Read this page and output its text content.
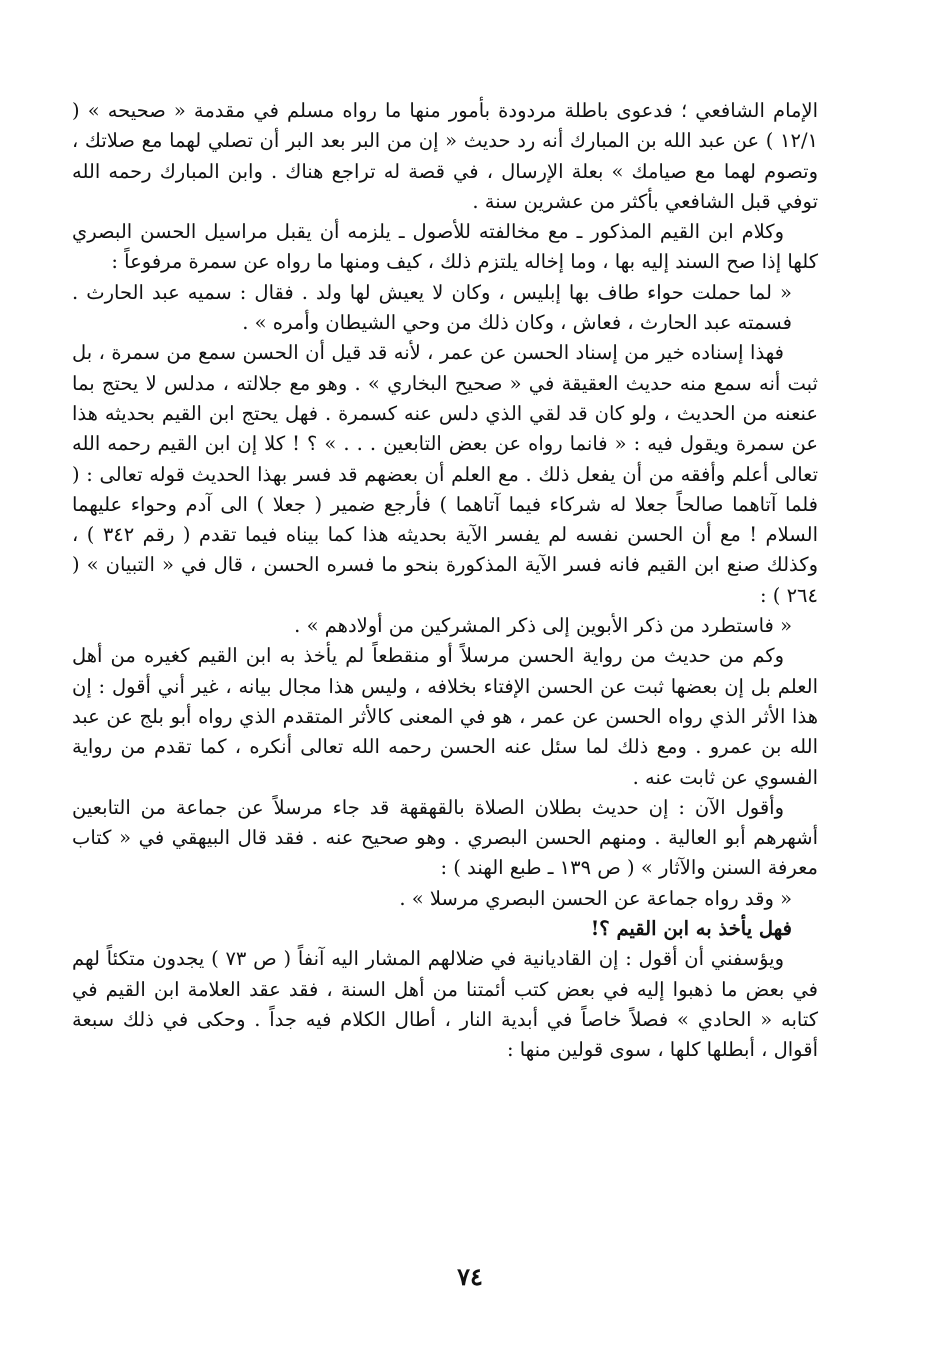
الإمام الشافعي ؛ فدعوى باطلة مردودة بأمور منها ما رواه مسلم في مقدمة « صحيحه » ( ١٢/١ ) عن عبد الله بن المبارك أنه رد حديث « إن من البر بعد البر أن تصلي لهما مع صلاتك ، وتصوم لهما مع صيامك » بعلة الإرسال ، في قصة له تراجع هناك . وابن المبارك رحمه الله توفي قبل الشافعي بأكثر من عشرين سنة .

وكلام ابن القيم المذكور ـ مع مخالفته للأصول ـ يلزمه أن يقبل مراسيل الحسن البصري كلها إذا صح السند إليه بها ، وما إخاله يلتزم ذلك ، كيف ومنها ما رواه عن سمرة مرفوعاً :

« لما حملت حواء طاف بها إبليس ، وكان لا يعيش لها ولد . فقال : سميه عبد الحارث . فسمته عبد الحارث ، فعاش ، وكان ذلك من وحي الشيطان وأمره » .

فهذا إسناده خير من إسناد الحسن عن عمر ، لأنه قد قيل أن الحسن سمع من سمرة ، بل ثبت أنه سمع منه حديث العقيقة في « صحيح البخاري » . وهو مع جلالته ، مدلس لا يحتج بما عنعنه من الحديث ، ولو كان قد لقي الذي دلس عنه كسمرة . فهل يحتج ابن القيم بحديثه هذا عن سمرة ويقول فيه : « فانما رواه عن بعض التابعين . . . » ؟ ! كلا إن ابن القيم رحمه الله تعالى أعلم وأفقه من أن يفعل ذلك . مع العلم أن بعضهم قد فسر بهذا الحديث قوله تعالى : ( فلما آتاهما صالحاً جعلا له شركاء فيما آتاهما ) فأرجع ضمير ( جعلا ) الى آدم وحواء عليهما السلام ! مع أن الحسن نفسه لم يفسر الآية بحديثه هذا كما بيناه فيما تقدم ( رقم ٣٤٢ ) ، وكذلك صنع ابن القيم فانه فسر الآية المذكورة بنحو ما فسره الحسن ، قال في « التبيان » ( ٢٦٤ ) :

« فاستطرد من ذكر الأبوين إلى ذكر المشركين من أولادهم » .

وكم من حديث من رواية الحسن مرسلاً أو منقطعاً لم يأخذ به ابن القيم كغيره من أهل العلم بل إن بعضها ثبت عن الحسن الإفتاء بخلافه ، وليس هذا مجال بيانه ، غير أني أقول : إن هذا الأثر الذي رواه الحسن عن عمر ، هو في المعنى كالأثر المتقدم الذي رواه أبو بلج عن عبد الله بن عمرو . ومع ذلك لما سئل عنه الحسن رحمه الله تعالى أنكره ، كما تقدم من رواية الفسوي عن ثابت عنه .

وأقول الآن : إن حديث بطلان الصلاة بالقهقهة قد جاء مرسلاً عن جماعة من التابعين أشهرهم أبو العالية . ومنهم الحسن البصري . وهو صحيح عنه . فقد قال البيهقي في « كتاب معرفة السنن والآثار » ( ص ١٣٩ ـ طبع الهند ) :

« وقد رواه جماعة عن الحسن البصري مرسلا » .

فهل يأخذ به ابن القيم ؟!

ويؤسفني أن أقول : إن القاديانية في ضلالهم المشار اليه آنفاً ( ص ٧٣ ) يجدون متكئاً لهم في بعض ما ذهبوا إليه في بعض كتب أئمتنا من أهل السنة ، فقد عقد العلامة ابن القيم في كتابه « الحادي » فصلاً خاصاً في أبدية النار ، أطال الكلام فيه جداً . وحكى في ذلك سبعة أقوال ، أبطلها كلها ، سوى قولين منها :

٧٤
